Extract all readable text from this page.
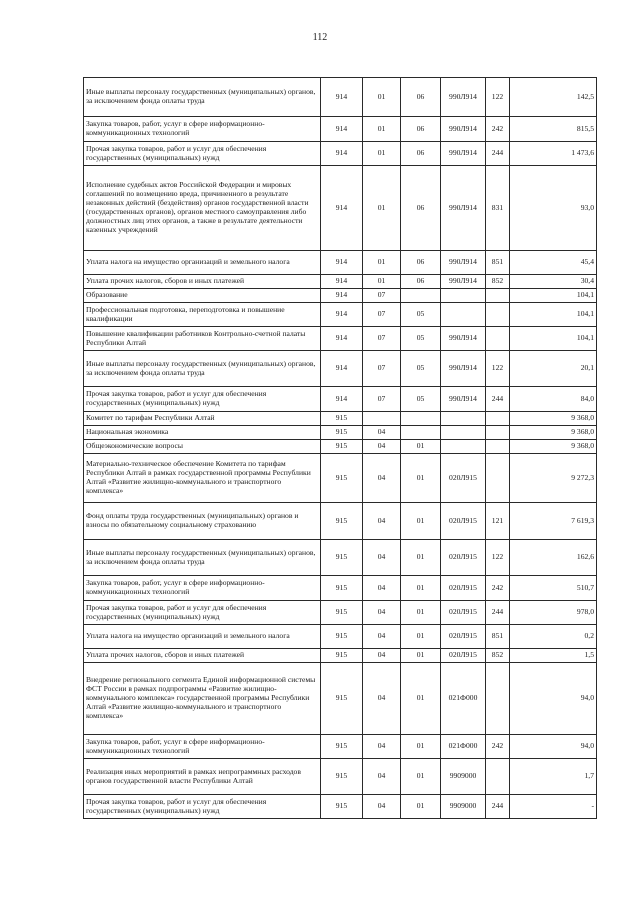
112
Иные выплаты персоналу государственных (муниципальных) органов, за исключением фонда оплаты труда	914	01	06	990Л914	122	142,5
Закупка товаров, работ, услуг в сфере информационно-коммуникационных технологий	914	01	06	990Л914	242	815,5
Прочая закупка товаров, работ и услуг для обеспечения государственных (муниципальных) нужд	914	01	06	990Л914	244	1 473,6
Исполнение судебных актов Российской Федерации и мировых соглашений по возмещению вреда, причиненного в результате незаконных действий (бездействия) органов государственной власти (государственных органов), органов местного самоуправления либо должностных лиц этих органов, а также в результате деятельности казенных учреждений	914	01	06	990Л914	831	93,0
Уплата налога на имущество организаций и земельного налога	914	01	06	990Л914	851	45,4
Уплата прочих налогов, сборов и иных платежей	914	01	06	990Л914	852	30,4
Образование	914	07				104,1
Профессиональная подготовка, переподготовка и повышение квалификации	914	07	05			104,1
Повышение квалификации работников Контрольно-счетной палаты Республики Алтай	914	07	05	990Л914		104,1
Иные выплаты персоналу государственных (муниципальных) органов, за исключением фонда оплаты труда	914	07	05	990Л914	122	20,1
Прочая закупка товаров, работ и услуг для обеспечения государственных (муниципальных) нужд	914	07	05	990Л914	244	84,0
Комитет по тарифам Республики Алтай	915					9 368,0
Национальная экономика	915	04				9 368,0
Общеэкономические вопросы	915	04	01			9 368,0
Материально-техническое обеспечение Комитета по тарифам Республики Алтай в рамках государственной программы Республики Алтай «Развитие жилищно-коммунального и транспортного комплекса»	915	04	01	020Л915		9 272,3
Фонд оплаты труда государственных (муниципальных) органов и взносы по обязательному социальному страхованию	915	04	01	020Л915	121	7 619,3
Иные выплаты персоналу государственных (муниципальных) органов, за исключением фонда оплаты труда	915	04	01	020Л915	122	162,6
Закупка товаров, работ, услуг в сфере информационно-коммуникационных технологий	915	04	01	020Л915	242	510,7
Прочая закупка товаров, работ и услуг для обеспечения государственных (муниципальных) нужд	915	04	01	020Л915	244	978,0
Уплата налога на имущество организаций и земельного налога	915	04	01	020Л915	851	0,2
Уплата прочих налогов, сборов и иных платежей	915	04	01	020Л915	852	1,5
Внедрение регионального сегмента Единой информационной системы ФСТ России в рамках подпрограммы «Развитие жилищно-коммунального комплекса» государственной программы Республики Алтай «Развитие жилищно-коммунального и транспортного комплекса»	915	04	01	021Ф000		94,0
Закупка товаров, работ, услуг в сфере информационно-коммуникационных технологий	915	04	01	021Ф000	242	94,0
Реализация иных мероприятий в рамках непрограммных расходов органов государственной власти Республики Алтай	915	04	01	9909000		1,7
Прочая закупка товаров, работ и услуг для обеспечения государственных (муниципальных) нужд	915	04	01	9909000	244	-
